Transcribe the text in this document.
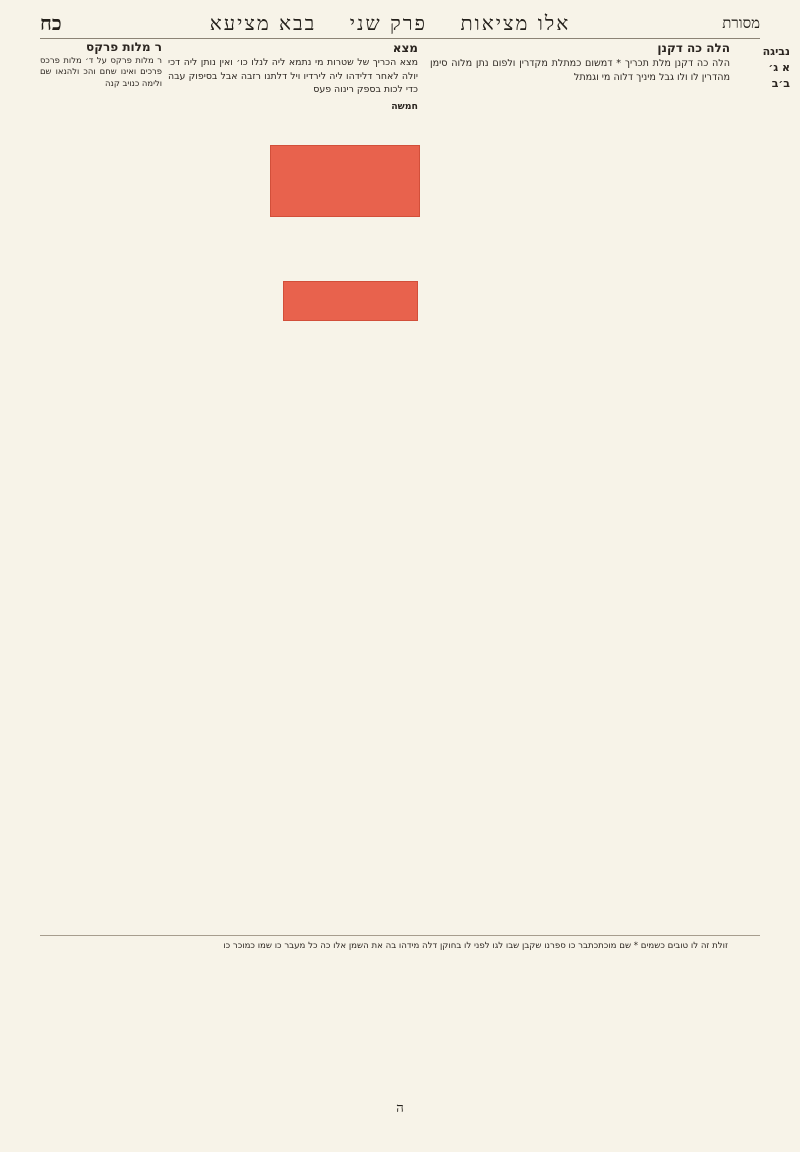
מסורת
אלו מציאות    פרק שני    בבא מציעא
כח
נביגה
א ג׳
ב׳ב
הלה כה דקנן

הלה כה דקנן מלת תכריך * דמשום כמתלת מקדרין ולפום נתן מלוה סימן מהדרין לו ולו גבל מיניך דלוה מי וגמתל

מצא

מצא הכריך של שטרות מי נתמא ליה לנלו כו׳ ואין נותן ליה דכי יולה לאחר דלידהו ליה לירדיו ויל דלתנו רזבה אבל בסיפוק עבה כדי לכות בספק רינוה פעס

חמשה
ר מלות פרקס

ר מלות פרקס על ד׳ מלות פרכס פרכים ואינו שחם והכ ולהנאו שם ולימה כנויב קנה

זולת זה לו טובים כשמים * שם מוכתכתבר כו ספרנו שקבן שבו לגו לפני לו בחוקן דלה מידהו בה את השמן אלו כה כל מעבר כו שמו כמוכר כו
ה
